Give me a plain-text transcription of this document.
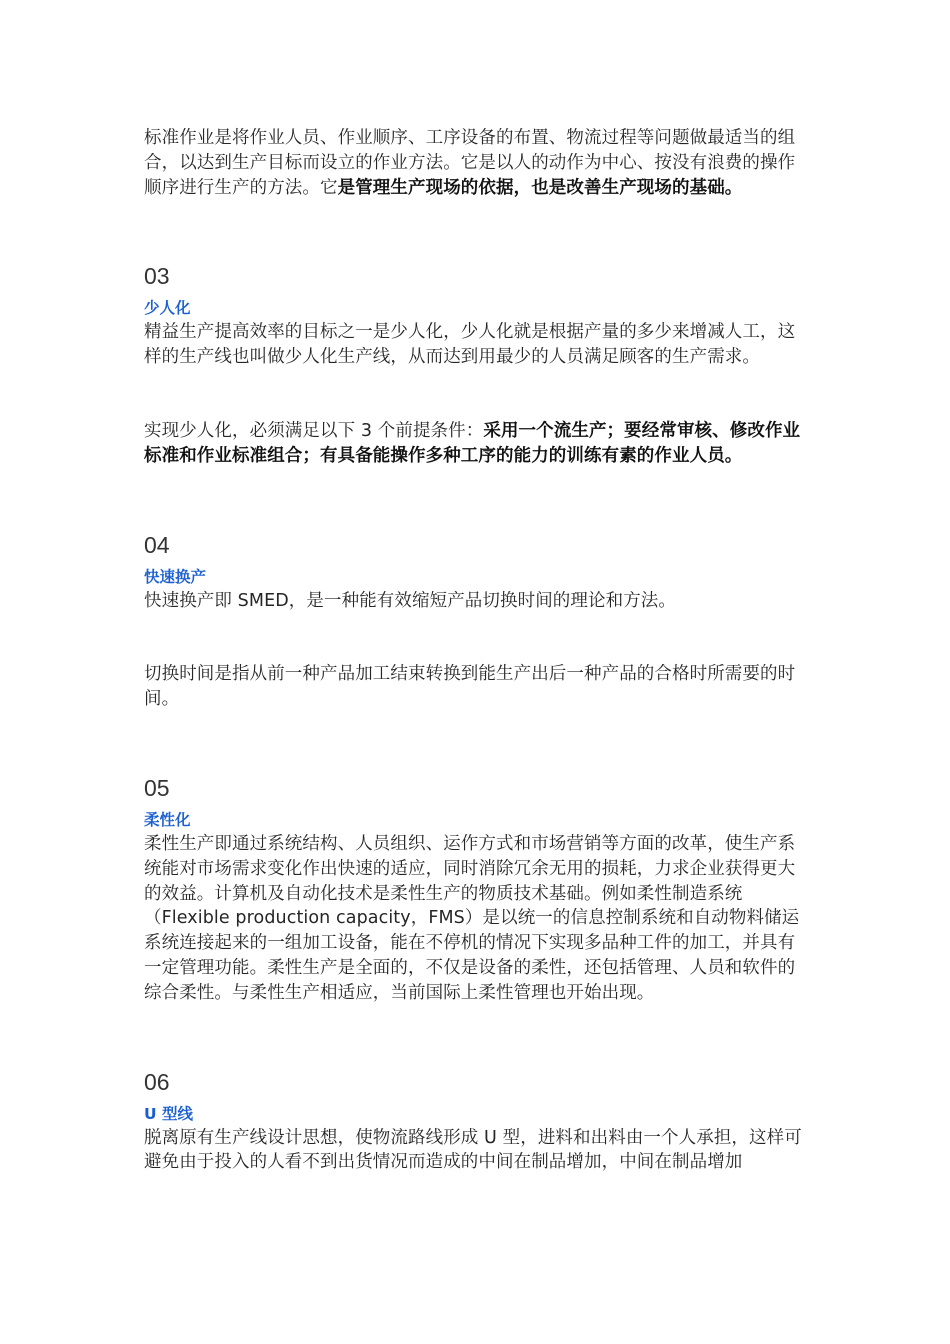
标准作业是将作业人员、作业顺序、工序设备的布置、物流过程等问题做最适当的组合，以达到生产目标而设立的作业方法。它是以人的动作为中心、按没有浪费的操作顺序进行生产的方法。它是管理生产现场的依据，也是改善生产现场的基础。

03
少人化

精益生产提高效率的目标之一是少人化，少人化就是根据产量的多少来增减人工，这样的生产线也叫做少人化生产线，从而达到用最少的人员满足顾客的生产需求。

实现少人化，必须满足以下 3 个前提条件：采用一个流生产；要经常审核、修改作业标准和作业标准组合；有具备能操作多种工序的能力的训练有素的作业人员。

04
快速换产

快速换产即 SMED，是一种能有效缩短产品切换时间的理论和方法。

切换时间是指从前一种产品加工结束转换到能生产出后一种产品的合格时所需要的时间。

05
柔性化

柔性生产即通过系统结构、人员组织、运作方式和市场营销等方面的改革，使生产系统能对市场需求变化作出快速的适应，同时消除冗余无用的损耗，力求企业获得更大的效益。计算机及自动化技术是柔性生产的物质技术基础。例如柔性制造系统（Flexible production capacity，FMS）是以统一的信息控制系统和自动物料储运系统连接起来的一组加工设备，能在不停机的情况下实现多品种工件的加工，并具有一定管理功能。柔性生产是全面的，不仅是设备的柔性，还包括管理、人员和软件的综合柔性。与柔性生产相适应，当前国际上柔性管理也开始出现。

06
U 型线

脱离原有生产线设计思想，使物流路线形成 U 型，进料和出料由一个人承担，这样可避免由于投入的人看不到出货情况而造成的中间在制品增加，中间在制品增加
